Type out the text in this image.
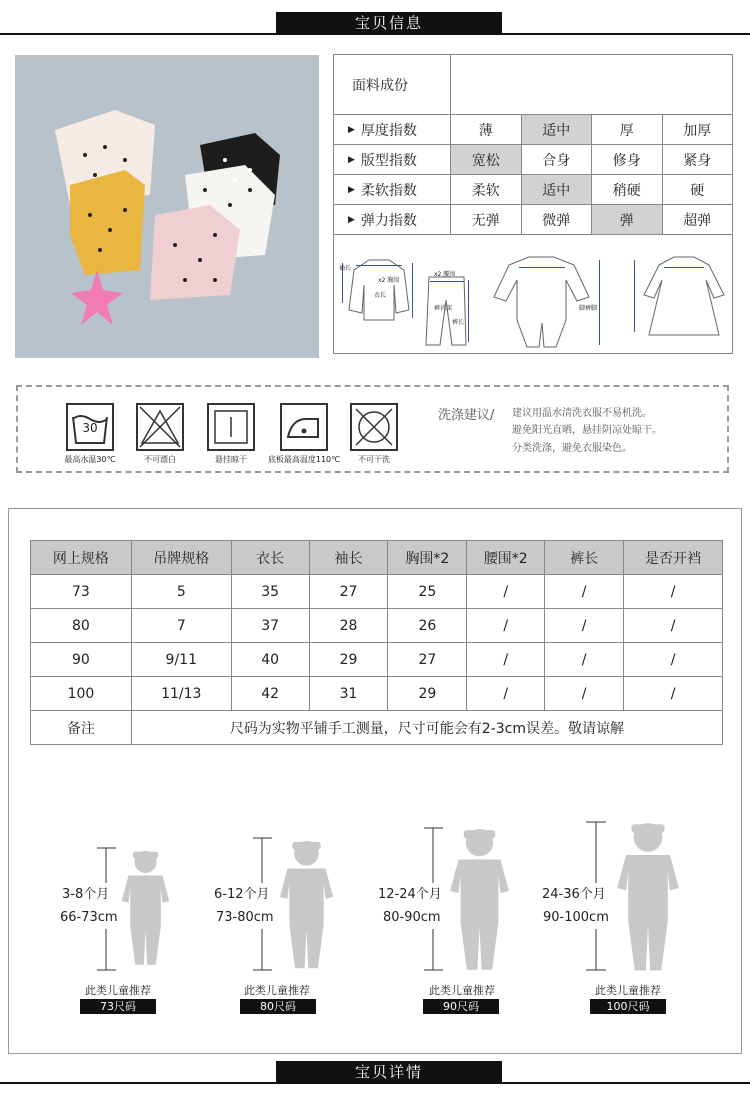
宝贝信息
面料成份
▶ 厚度指数	薄	适中	厚	加厚
▶ 版型指数	宽松	合身	修身	紧身
▶ 柔软指数	柔软	适中	稍硬	硬
▶ 弹力指数	无弹	微弹	弹	超弹
袖长
x2 胸围
衣长
x2 腰围
裤裆深
裤长
脚裤脚
30
最高水温30℃	不可漂白	悬挂晾干	底板最高温度110℃	不可干洗
洗涤建议/ 建议用温水清洗衣服不易机洗。
避免阳光直晒，悬挂阴凉处晾干。
分类洗涤，避免衣服染色。
网上规格	吊牌规格	衣长	袖长	胸围*2	腰围*2	裤长	是否开裆
73	5	35	27	25	/	/	/
80	7	37	28	26	/	/	/
90	9/11	40	29	27	/	/	/
100	11/13	42	31	29	/	/	/
备注	尺码为实物平铺手工测量，尺寸可能会有2-3cm误差。敬请谅解						
3-8个月
66-73cm
6-12个月
73-80cm
12-24个月
80-90cm
24-36个月
90-100cm
此类儿童推荐
73尺码
此类儿童推荐
80尺码
此类儿童推荐
90尺码
此类儿童推荐
100尺码
宝贝详情
